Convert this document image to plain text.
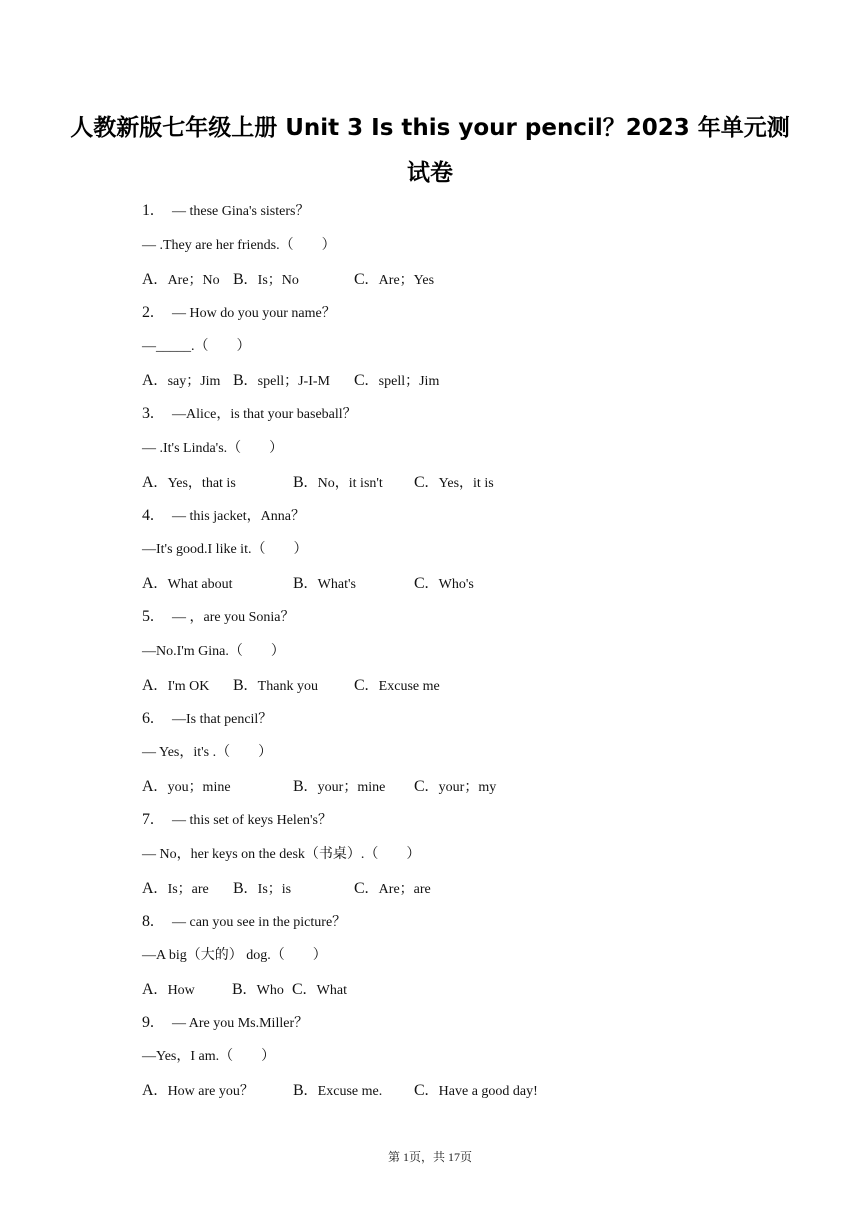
人教新版七年级上册 Unit 3 Is this your pencil？2023 年单元测
试卷
1. — these Gina's sisters？
— .They are her friends.（　　）
A. Are；No B. Is；No	C. Are；Yes
2. — How do you your name？
—_____.（　　）
A. say；Jim B. spell；J-I-M C. spell；Jim
3. —Alice，is that your baseball？
— .It's Linda's.（　　）
A. Yes，that is	B. No，it isn't C. Yes，it is
4. — this jacket，Anna？
—It's good.I like it.（　　）
A. What about	B. What's	C. Who's
5. — ，are you Sonia？
—No.I'm Gina.（　　）
A. I'm OK B. Thank you C. Excuse me
6. —Is that pencil？
— Yes，it's .（　　）
A. you；mine	B. your；mine C. your；my
7. — this set of keys Helen's？
— No，her keys on the desk（书桌）.（　　）
A. Is；are B. Is；is	C. Are；are
8. — can you see in the picture？
—A big（大的） dog.（　　）
A. How B. Who C. What
9. — Are you Ms.Miller？
—Yes，I am.（　　）
A. How are you？ B. Excuse me. C. Have a good day!
第 1页，共 17页
